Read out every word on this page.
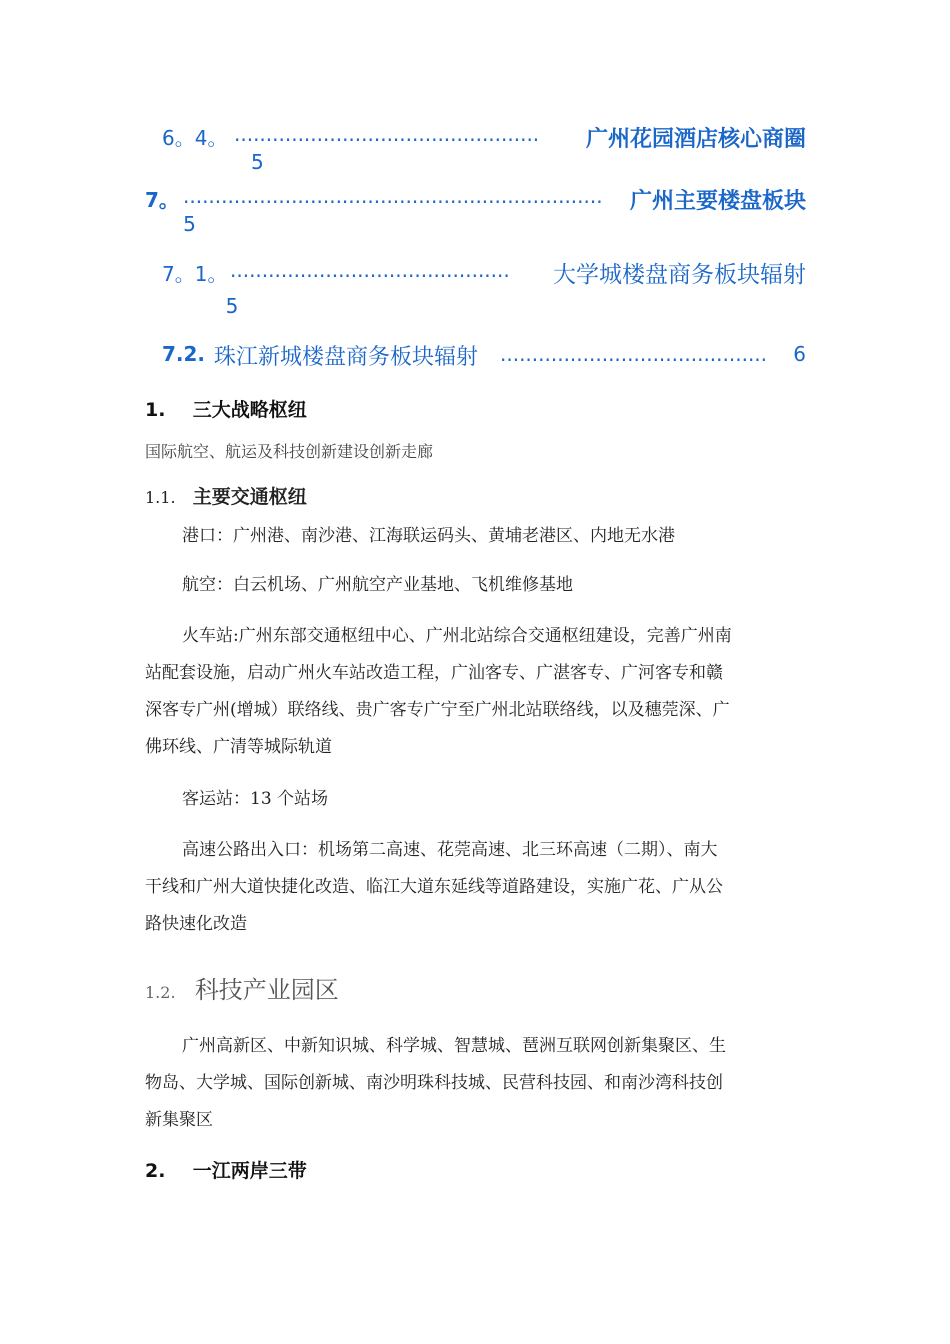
6。4。 ................................................ 广州花园酒店核心商圈
5
7。 .................................................................. 广州主要楼盘板块
5
7。1。 ............................................ 大学城楼盘商务板块辐射
5
7.2. 珠江新城楼盘商务板块辐射 .......................................... 6
1. 三大战略枢纽
国际航空、航运及科技创新建设创新走廊
1.1. 主要交通枢纽
港口：广州港、南沙港、江海联运码头、黄埔老港区、内地无水港
航空：白云机场、广州航空产业基地、飞机维修基地
火车站:广州东部交通枢纽中心、广州北站综合交通枢纽建设，完善广州南
站配套设施，启动广州火车站改造工程，广汕客专、广湛客专、广河客专和赣
深客专广州(增城）联络线、贵广客专广宁至广州北站联络线，以及穗莞深、广
佛环线、广清等城际轨道
客运站：13 个站场
高速公路出入口：机场第二高速、花莞高速、北三环高速（二期）、南大
干线和广州大道快捷化改造、临江大道东延线等道路建设，实施广花、广从公
路快速化改造
1.2. 科技产业园区
广州高新区、中新知识城、科学城、智慧城、琶洲互联网创新集聚区、生
物岛、大学城、国际创新城、南沙明珠科技城、民营科技园、和南沙湾科技创
新集聚区
2. 一江两岸三带
